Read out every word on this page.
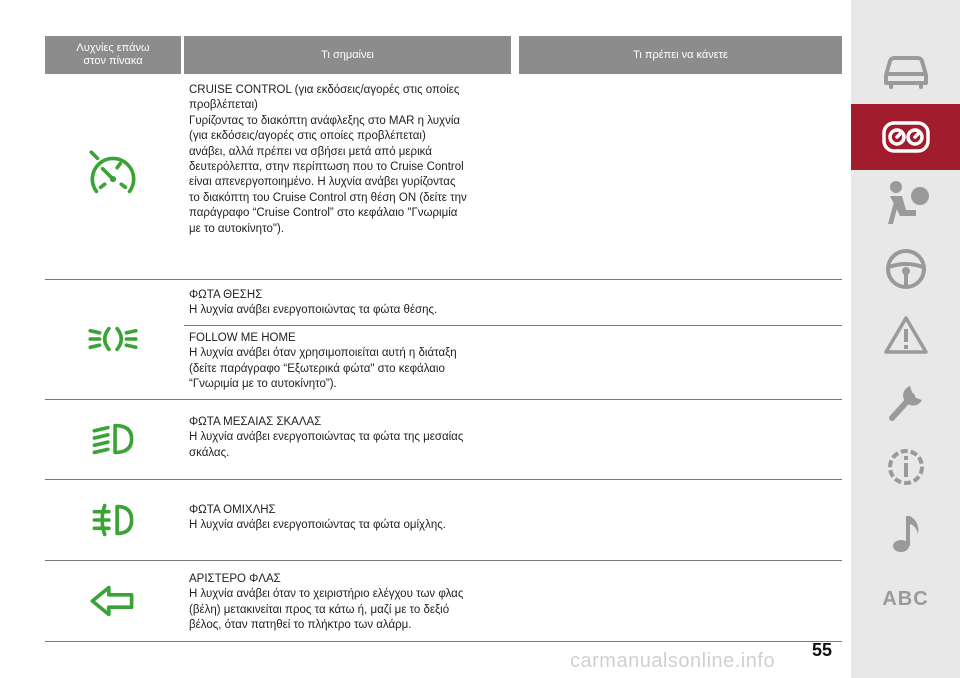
Λυχνίες επάνω
στον πίνακα
Τι σημαίνει	Τι πρέπει να κάνετε

CRUISE CONTROL (για εκδόσεις/αγορές στις οποίες

προβλέπεται)

Γυρίζοντας το διακόπτη ανάφλεξης στο MAR η λυχνία

(για εκδόσεις/αγορές στις οποίες προβλέπεται)

ανάβει, αλλά πρέπει να σβήσει μετά από μερικά

δευτερόλεπτα, στην περίπτωση που το Cruise Control

είναι απενεργοποιημένο. Η λυχνία ανάβει γυρίζοντας

το διακόπτη του Cruise Control στη θέση ON (δείτε την

παράγραφο “Cruise Control” στο κεφάλαιο "Γνωριμία

με το αυτοκίνητο").

ΦΩΤΑ ΘΕΣΗΣ

Η λυχνία ανάβει ενεργοποιώντας τα φώτα θέσης.

FOLLOW ME HOME

Η λυχνία ανάβει όταν χρησιμοποιείται αυτή η διάταξη

(δείτε παράγραφο “Εξωτερικά φώτα" στο κεφάλαιο

“Γνωριμία με το αυτοκίνητο”).

ΦΩΤΑ ΜΕΣΑΙΑΣ ΣΚΑΛΑΣ

Η λυχνία ανάβει ενεργοποιώντας τα φώτα της μεσαίας

σκάλας.

ΦΩΤΑ ΟΜΙΧΛΗΣ

Η λυχνία ανάβει ενεργοποιώντας τα φώτα ομίχλης.

ΑΡΙΣΤΕΡΟ ΦΛΑΣ

Η λυχνία ανάβει όταν το χειριστήριο ελέγχου των φλας

(βέλη) μετακινείται προς τα κάτω ή, μαζί με το δεξιό

βέλος, όταν πατηθεί το πλήκτρο των αλάρμ.

ABC
55
carmanualsonline.info
